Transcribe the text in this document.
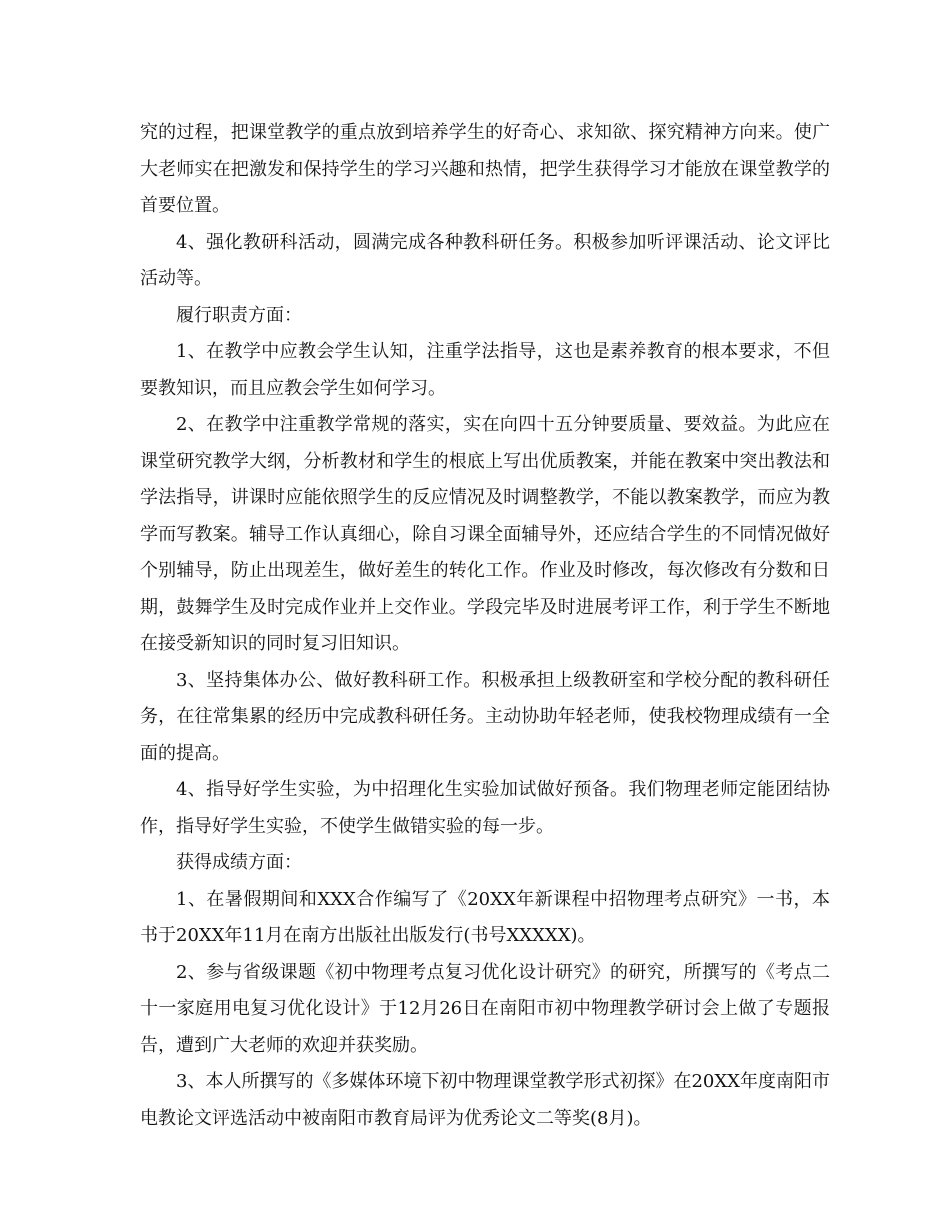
究的过程，把课堂教学的重点放到培养学生的好奇心、求知欲、探究精神方向来。使广大老师实在把激发和保持学生的学习兴趣和热情，把学生获得学习才能放在课堂教学的首要位置。

4、强化教研科活动，圆满完成各种教科研任务。积极参加听评课活动、论文评比活动等。

履行职责方面：

1、在教学中应教会学生认知，注重学法指导，这也是素养教育的根本要求，不但要教知识，而且应教会学生如何学习。

2、在教学中注重教学常规的落实，实在向四十五分钟要质量、要效益。为此应在课堂研究教学大纲，分析教材和学生的根底上写出优质教案，并能在教案中突出教法和学法指导，讲课时应能依照学生的反应情况及时调整教学，不能以教案教学，而应为教学而写教案。辅导工作认真细心，除自习课全面辅导外，还应结合学生的不同情况做好个别辅导，防止出现差生，做好差生的转化工作。作业及时修改，每次修改有分数和日期，鼓舞学生及时完成作业并上交作业。学段完毕及时进展考评工作，利于学生不断地在接受新知识的同时复习旧知识。

3、坚持集体办公、做好教科研工作。积极承担上级教研室和学校分配的教科研任务，在往常集累的经历中完成教科研任务。主动协助年轻老师，使我校物理成绩有一全面的提高。

4、指导好学生实验，为中招理化生实验加试做好预备。我们物理老师定能团结协作，指导好学生实验，不使学生做错实验的每一步。

获得成绩方面：

1、在暑假期间和XXX合作编写了《20XX年新课程中招物理考点研究》一书，本书于20XX年11月在南方出版社出版发行(书号XXXXX)。

2、参与省级课题《初中物理考点复习优化设计研究》的研究，所撰写的《考点二十一家庭用电复习优化设计》于12月26日在南阳市初中物理教学研讨会上做了专题报告，遭到广大老师的欢迎并获奖励。

3、本人所撰写的《多媒体环境下初中物理课堂教学形式初探》在20XX年度南阳市电教论文评选活动中被南阳市教育局评为优秀论文二等奖(8月)。
